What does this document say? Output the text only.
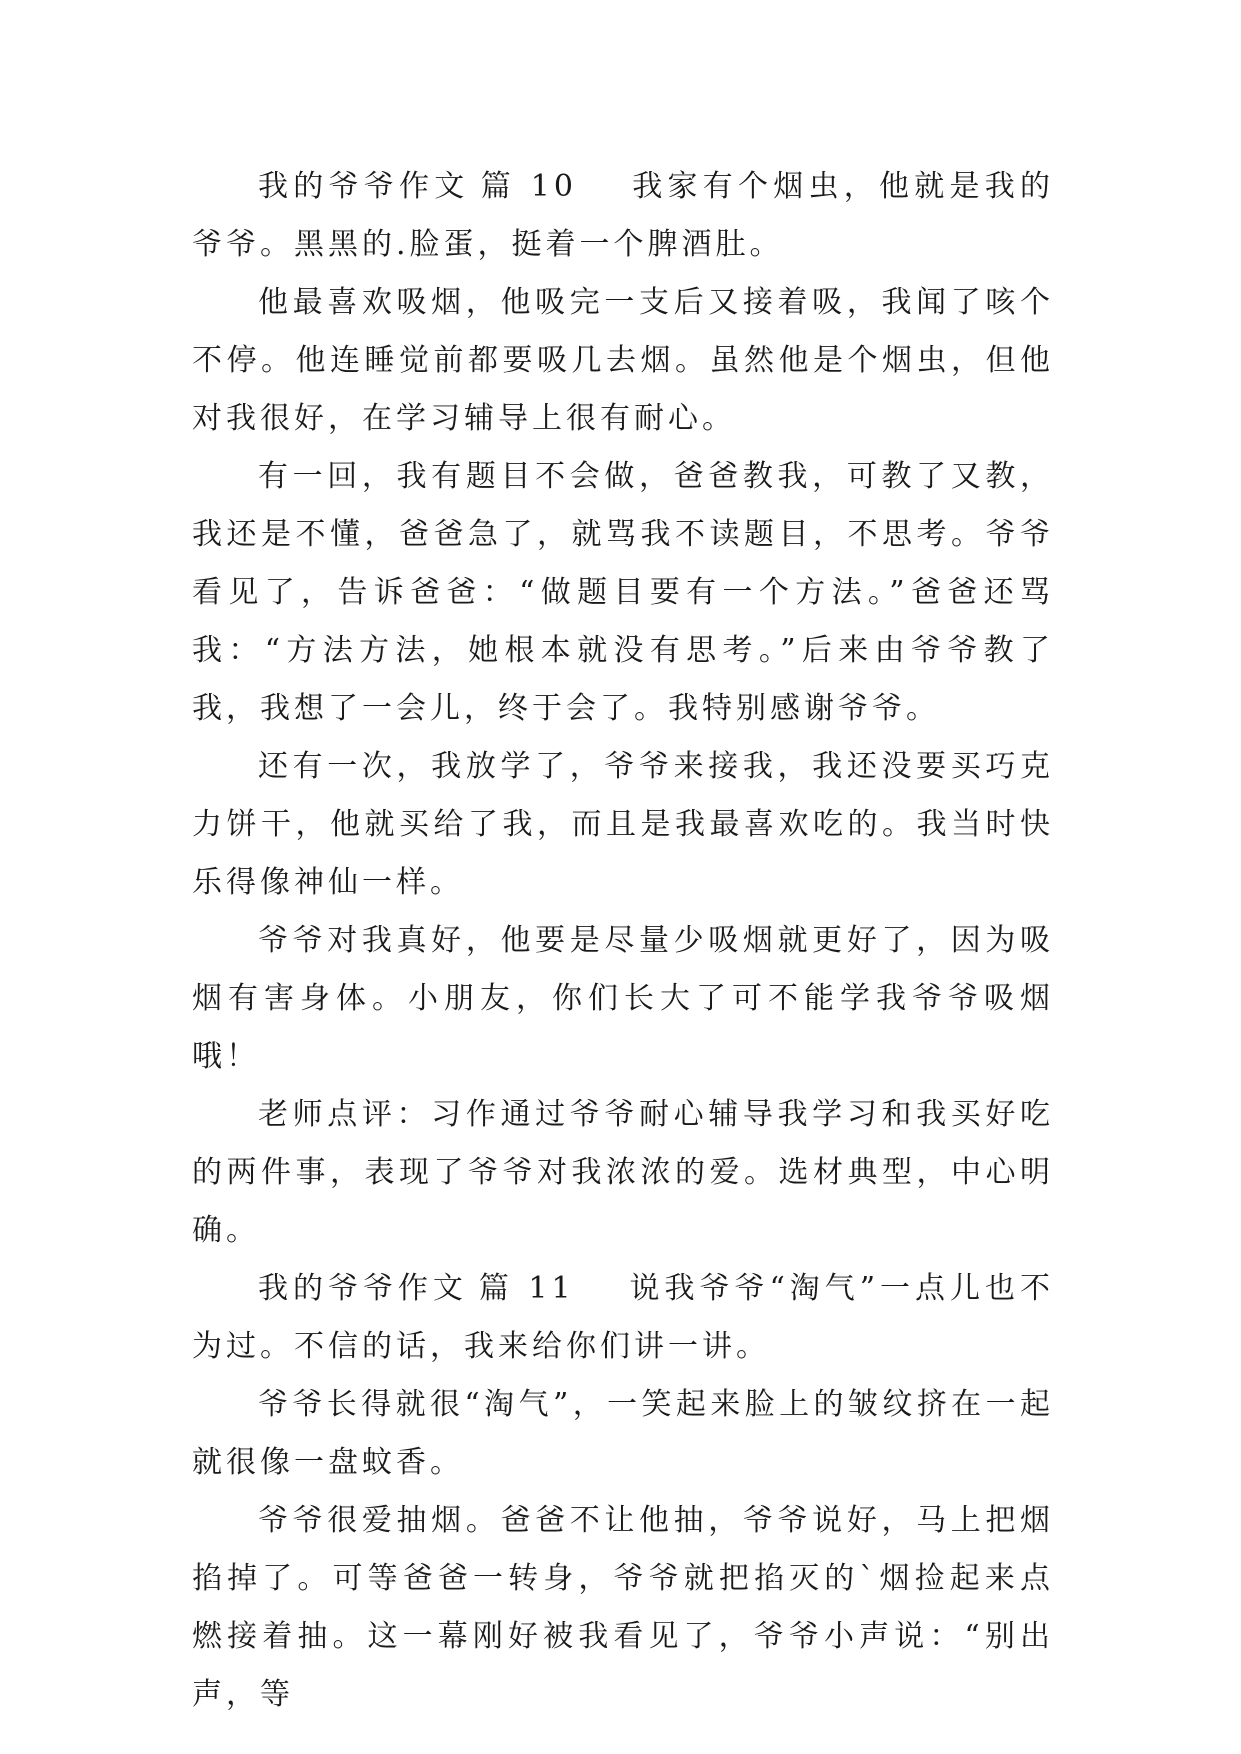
我的爷爷作文 篇 10 我家有个烟虫，他就是我的爷爷。黑黑的.脸蛋，挺着一个脾酒肚。

他最喜欢吸烟，他吸完一支后又接着吸，我闻了咳个不停。他连睡觉前都要吸几去烟。虽然他是个烟虫，但他对我很好，在学习辅导上很有耐心。

有一回，我有题目不会做，爸爸教我，可教了又教，我还是不懂，爸爸急了，就骂我不读题目，不思考。爷爷看见了，告诉爸爸：“做题目要有一个方法。”爸爸还骂我：“方法方法，她根本就没有思考。”后来由爷爷教了我，我想了一会儿，终于会了。我特别感谢爷爷。

还有一次，我放学了，爷爷来接我，我还没要买巧克力饼干，他就买给了我，而且是我最喜欢吃的。我当时快乐得像神仙一样。

爷爷对我真好，他要是尽量少吸烟就更好了，因为吸烟有害身体。小朋友，你们长大了可不能学我爷爷吸烟哦！

老师点评：习作通过爷爷耐心辅导我学习和我买好吃的两件事，表现了爷爷对我浓浓的爱。选材典型，中心明确。

我的爷爷作文 篇 11 说我爷爷“淘气”一点儿也不为过。不信的话，我来给你们讲一讲。

爷爷长得就很“淘气”，一笑起来脸上的皱纹挤在一起就很像一盘蚊香。

爷爷很爱抽烟。爸爸不让他抽，爷爷说好，马上把烟掐掉了。可等爸爸一转身，爷爷就把掐灭的`烟捡起来点燃接着抽。这一幕刚好被我看见了，爷爷小声说：“别出声，等
